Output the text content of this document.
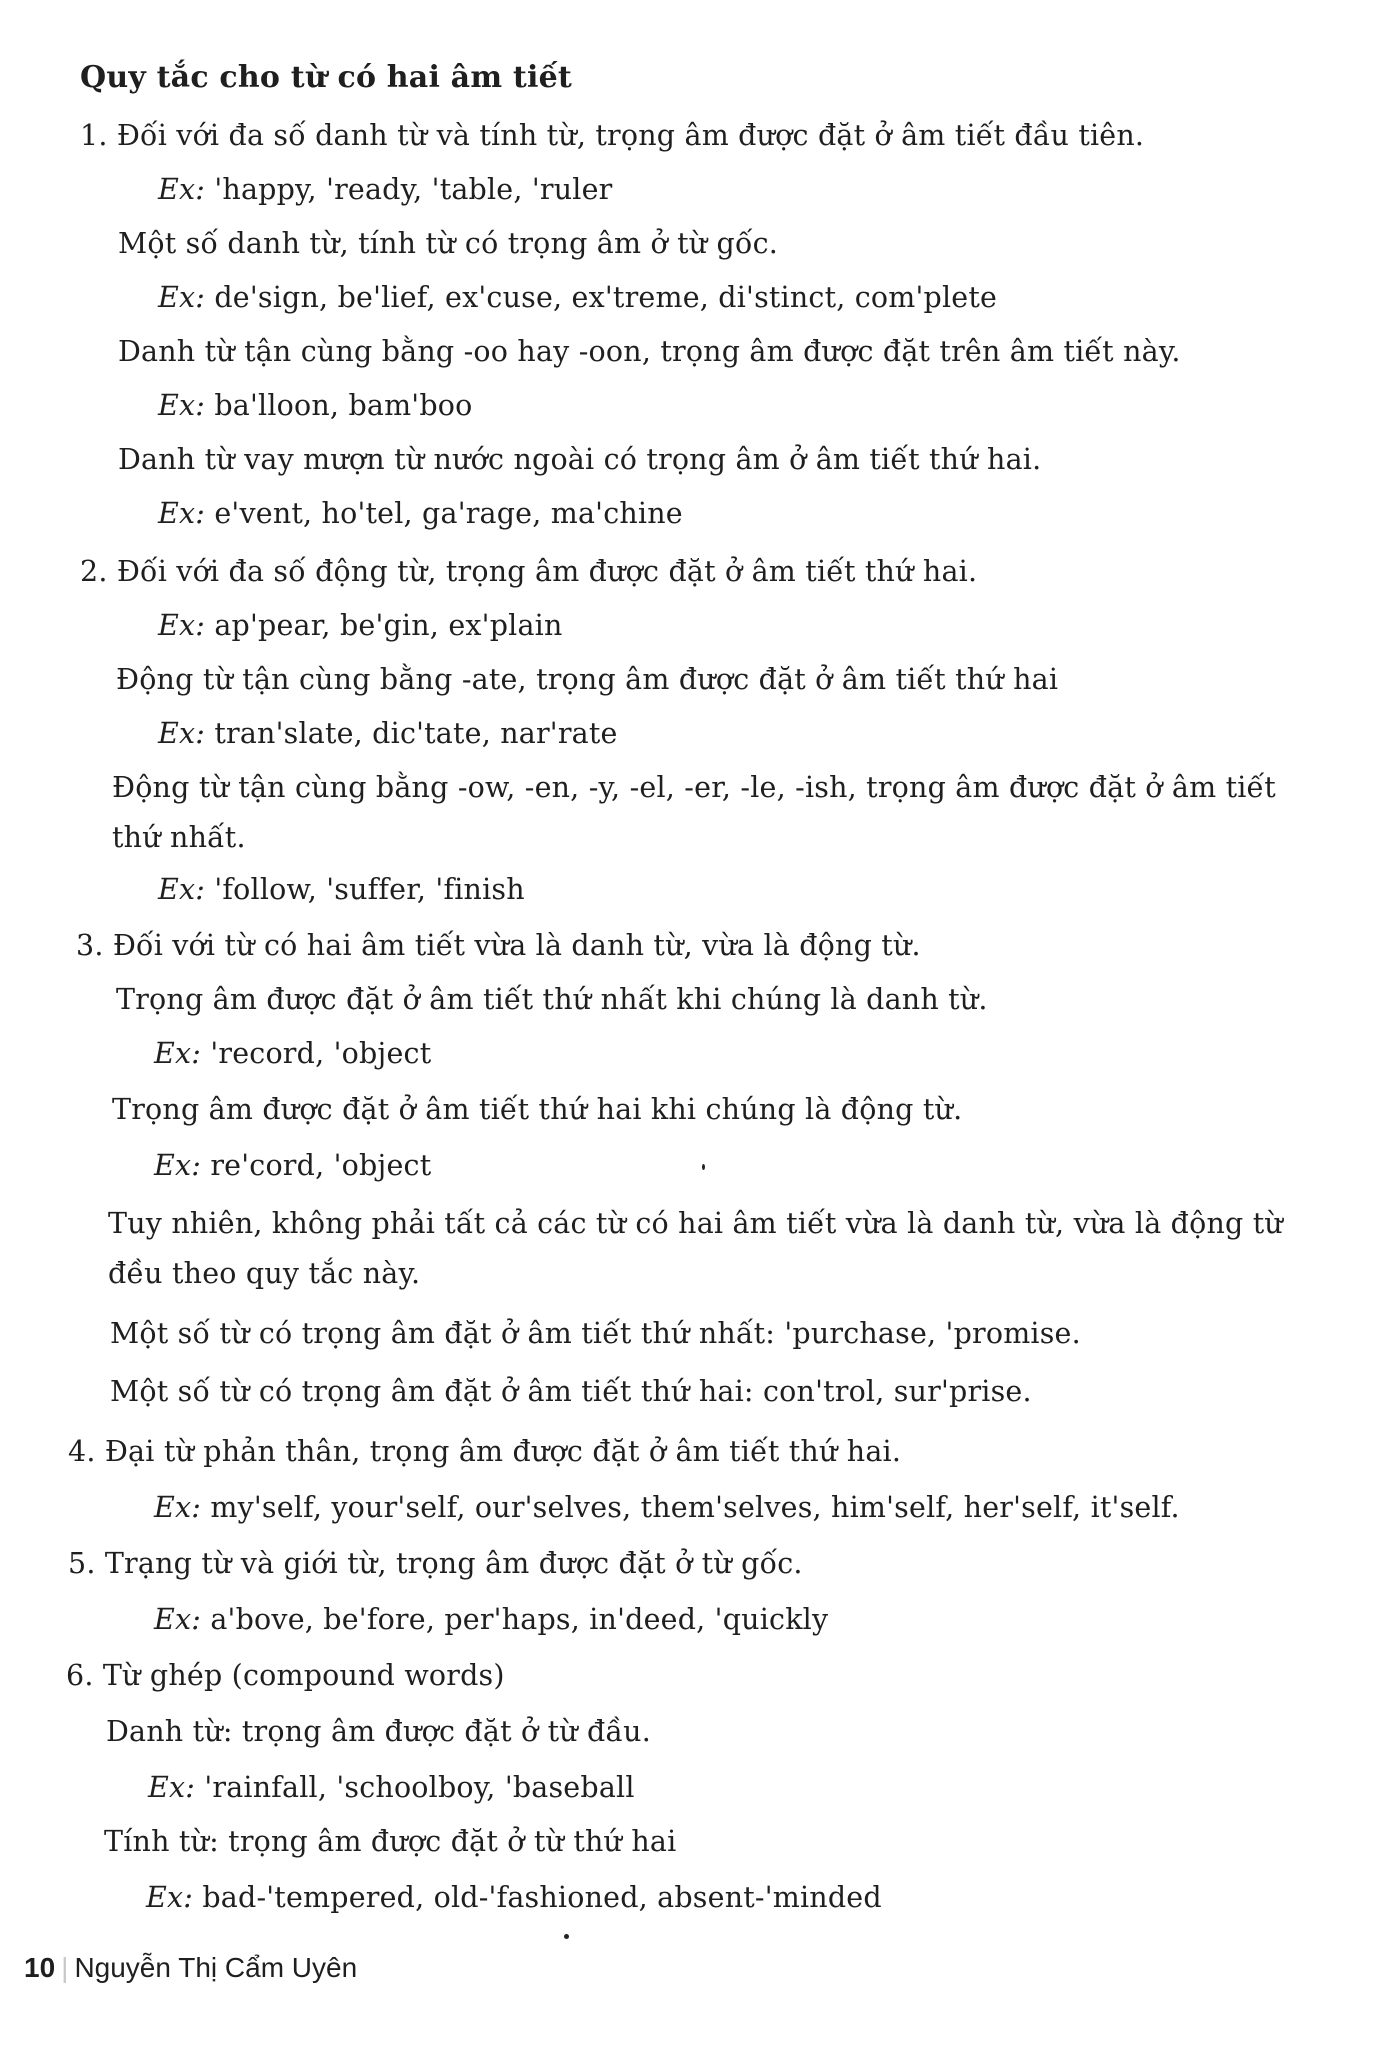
Quy tắc cho từ có hai âm tiết
1. Đối với đa số danh từ và tính từ, trọng âm được đặt ở âm tiết đầu tiên.
Ex: 'happy, 'ready, 'table, 'ruler
Một số danh từ, tính từ có trọng âm ở từ gốc.
Ex: de'sign, be'lief, ex'cuse, ex'treme, di'stinct, com'plete
Danh từ tận cùng bằng -oo hay -oon, trọng âm được đặt trên âm tiết này.
Ex: ba'lloon, bam'boo
Danh từ vay mượn từ nước ngoài có trọng âm ở âm tiết thứ hai.
Ex: e'vent, ho'tel, ga'rage, ma'chine
2. Đối với đa số động từ, trọng âm được đặt ở âm tiết thứ hai.
Ex: ap'pear, be'gin, ex'plain
Động từ tận cùng bằng -ate, trọng âm được đặt ở âm tiết thứ hai
Ex: tran'slate, dic'tate, nar'rate
Động từ tận cùng bằng -ow, -en, -y, -el, -er, -le, -ish, trọng âm được đặt ở âm tiết
thứ nhất.
Ex: 'follow, 'suffer, 'finish
3. Đối với từ có hai âm tiết vừa là danh từ, vừa là động từ.
Trọng âm được đặt ở âm tiết thứ nhất khi chúng là danh từ.
Ex: 'record, 'object
Trọng âm được đặt ở âm tiết thứ hai khi chúng là động từ.
Ex: re'cord, 'object
Tuy nhiên, không phải tất cả các từ có hai âm tiết vừa là danh từ, vừa là động từ
đều theo quy tắc này.
Một số từ có trọng âm đặt ở âm tiết thứ nhất: 'purchase, 'promise.
Một số từ có trọng âm đặt ở âm tiết thứ hai: con'trol, sur'prise.
4. Đại từ phản thân, trọng âm được đặt ở âm tiết thứ hai.
Ex: my'self, your'self, our'selves, them'selves, him'self, her'self, it'self.
5. Trạng từ và giới từ, trọng âm được đặt ở từ gốc.
Ex: a'bove, be'fore, per'haps, in'deed, 'quickly
6. Từ ghép (compound words)
Danh từ: trọng âm được đặt ở từ đầu.
Ex: 'rainfall, 'schoolboy, 'baseball
Tính từ: trọng âm được đặt ở từ thứ hai
Ex: bad-'tempered, old-'fashioned, absent-'minded
10 | Nguyễn Thị Cẩm Uyên
